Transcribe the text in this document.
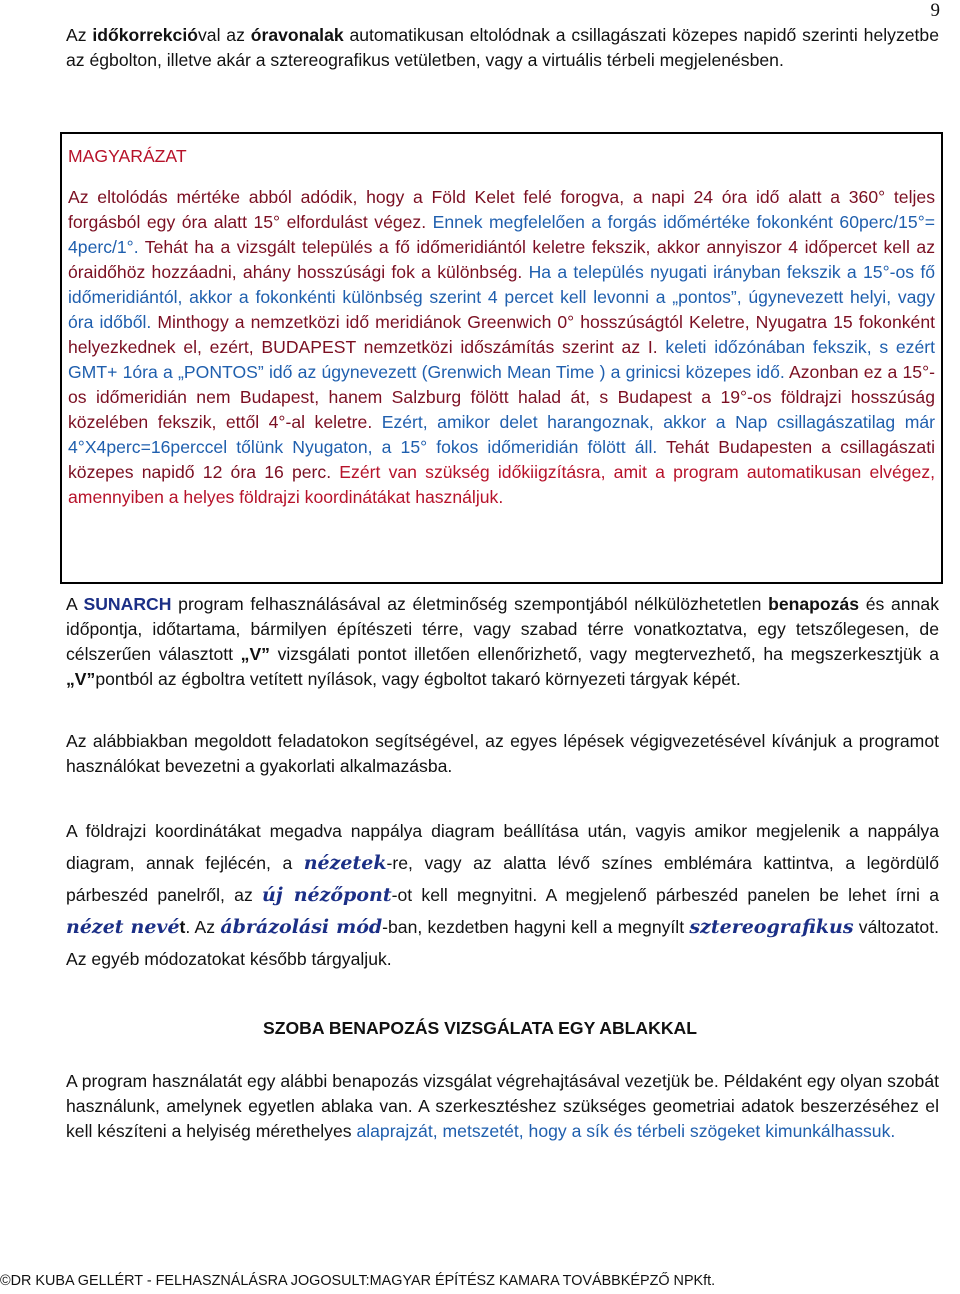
9
Az időkorrekcióval az óravonalak automatikusan eltolódnak a csillagászati közepes napidő szerinti helyzetbe az égbolton, illetve akár a sztereografikus vetületben, vagy a virtuális térbeli megjelenésben.
MAGYARÁZAT
Az eltolódás mértéke abból adódik, hogy a Föld Kelet felé forogva, a napi 24 óra idő alatt a 360° teljes forgásból egy óra alatt 15° elfordulást végez. Ennek megfelelően a forgás időmértéke fokonként 60perc/15°= 4perc/1°. Tehát ha a vizsgált település a fő időmeridiántól keletre fekszik, akkor annyiszor 4 időpercet kell az óraidőhöz hozzáadni, ahány hosszúsági fok a különbség. Ha a település nyugati irányban fekszik a 15°-os fő időmeridiántól, akkor a fokonkénti különbség szerint 4 percet kell levonni a „pontos”, úgynevezett helyi, vagy óra időből. Minthogy a nemzetközi idő meridiánok Greenwich 0° hosszúságtól Keletre, Nyugatra 15 fokonként helyezkednek el, ezért, BUDAPEST nemzetközi időszámítás szerint az I. keleti időzónában fekszik, s ezért GMT+ 1óra a „PONTOS” idő az úgynevezett (Grenwich Mean Time ) a grinicsi közepes idő. Azonban ez a 15°-os időmeridián nem Budapest, hanem Salzburg fölött halad át, s Budapest a 19°-os földrajzi hosszúság közelében fekszik, ettől 4°-al keletre. Ezért, amikor delet harangoznak, akkor a Nap csillagászatilag már 4°X4perc=16perccel tőlünk Nyugaton, a 15° fokos időmeridián fölött áll. Tehát Budapesten a csillagászati közepes napidő 12 óra 16 perc. Ezért van szükség időkiigzításra, amit a program automatikusan elvégez, amennyiben a helyes földrajzi koordinátákat használjuk.
A SUNARCH program felhasználásával az életminőség szempontjából nélkülözhetetlen benapozás és annak időpontja, időtartama, bármilyen építészeti térre, vagy szabad térre vonatkoztatva, egy tetszőlegesen, de célszerűen választott „V” vizsgálati pontot illetően ellenőrizhető, vagy megtervezhető, ha megszerkesztjük a „V”pontból az égboltra vetített nyílások, vagy égboltot takaró környezeti tárgyak képét.
Az alábbiakban megoldott feladatokon segítségével, az egyes lépések végigvezetésével kívánjuk a programot használókat bevezetni a gyakorlati alkalmazásba.
A földrajzi koordinátákat megadva nappálya diagram beállítása után, vagyis amikor megjelenik a nappálya diagram, annak fejlécén, a nézetek-re, vagy az alatta lévő színes emblémára kattintva, a legördülő párbeszéd panelről, az új nézőpont-ot kell megnyitni. A megjelenő párbeszéd panelen be lehet írni a nézet nevét. Az ábrázolási mód-ban, kezdetben hagyni kell a megnyílt sztereografikus változatot. Az egyéb módozatokat később tárgyaljuk.
SZOBA BENAPOZÁS VIZSGÁLATA EGY ABLAKKAL
A program használatát egy alábbi benapozás vizsgálat végrehajtásával vezetjük be. Példaként egy olyan szobát használunk, amelynek egyetlen ablaka van. A szerkesztéshez szükséges geometriai adatok beszerzéséhez el kell készíteni a helyiség mérethelyes alaprajzát, metszetét, hogy a sík és térbeli szögeket kimunkálhassuk.
©DR KUBA GELLÉRT - FELHASZNÁLÁSRA JOGOSULT:MAGYAR ÉPÍTÉSZ KAMARA TOVÁBBKÉPZŐ NPKft.
